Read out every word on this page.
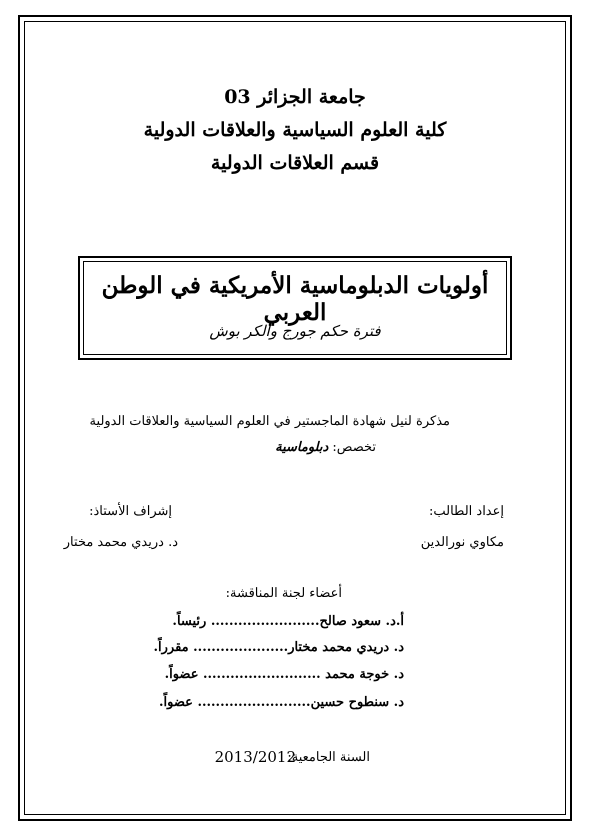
جامعة الجزائر 03
كلية العلوم السياسية والعلاقات الدولية
قسم العلاقات الدولية
أولويات الدبلوماسية الأمريكية في الوطن العربي
فترة حكم جورج والكر بوش
مذكرة لنيل شهادة الماجستير في العلوم السياسية والعلاقات الدولية
تخصص: دبلوماسية
إعداد الطالب:
مكاوي نورالدين
إشراف الأستاذ:
د. دريدي محمد مختار
أعضاء لجنة المناقشة:
أ.د. سعود صالح........................ رئيساً.
د. دريدي محمد مختار..................... مقرراً.
د. خوجة محمد .......................... عضواً.
د. سنطوح حسين......................... عضواً.
السنة الجامعية:
2013/2012
